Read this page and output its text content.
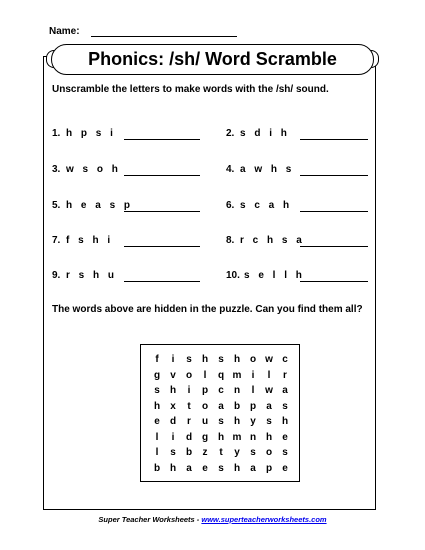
Name:
Phonics: /sh/ Word Scramble
Unscramble the letters to make words with the /sh/ sound.
1. h p s i	2. s d i h
3. w s o h	4. a w h s
5. h e a s p	6. s c a h
7. f s h i	8. r c h s a
9. r s h u	10. s e l l h
The words above are hidden in the puzzle. Can you find them all?
f	i	s	h	s	h o w c
g	v	o	l	q m	i	l	r
s	h	i	p	c	n	l	w a
h	x	t	o	a	b p	a	s
e	d	r	u	s	h	y	s	h
l	i	d g h m n h	e
l	s	b	z	t	y	s	o	s
b h	a	e	s	h	a	p	e
Super Teacher Worksheets - www.superteacherworksheets.com
